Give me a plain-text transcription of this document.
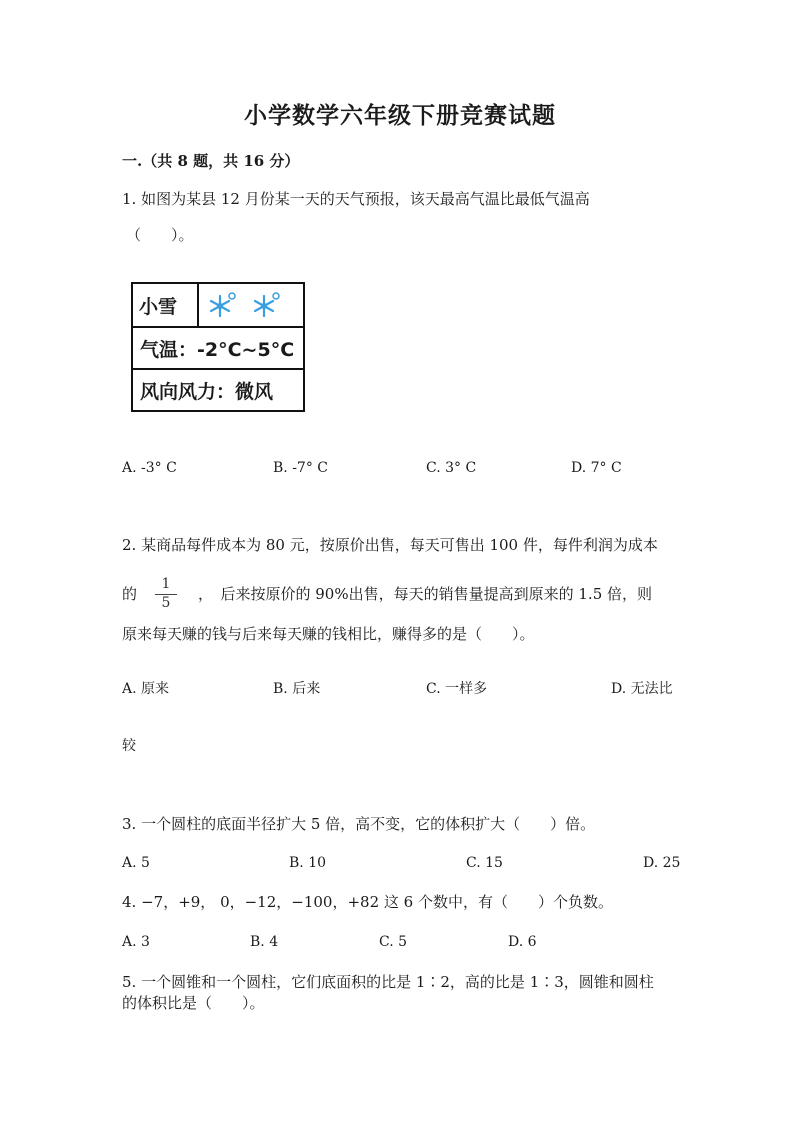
小学数学六年级下册竞赛试题
一.（共 8 题，共 16 分）
1. 如图为某县 12 月份某一天的天气预报，该天最高气温比最低气温高
（　　）。
小雪
气温：-2°C~5°C
风向风力：微风
A. -3° C	B. -7° C	C. 3° C	D. 7° C
2. 某商品每件成本为 80 元，按原价出售，每天可售出 100 件，每件利润为成本
的 $\frac{1}{5}$ ，　后来按原价的 90%出售，每天的销售量提高到原来的 1.5 倍，则
原来每天赚的钱与后来每天赚的钱相比，赚得多的是（　　）。
A. 原来	B. 后来	C. 一样多	D. 无法比
较
3. 一个圆柱的底面半径扩大 5 倍，高不变，它的体积扩大（　　）倍。
A. 5	B. 10	C. 15	D. 25
4. −7，+9， 0，−12，−100，+82 这 6 个数中，有（　　）个负数。
A. 3	B. 4	C. 5	D. 6
5. 一个圆锥和一个圆柱，它们底面积的比是 1∶2，高的比是 1∶3，圆锥和圆柱
的体积比是（　　）。
